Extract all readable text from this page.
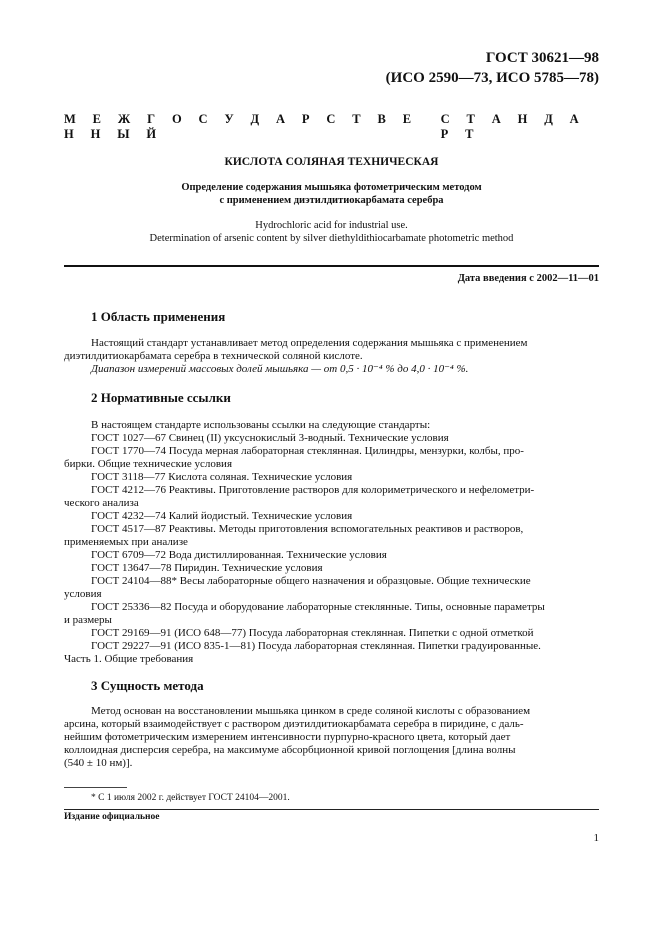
ГОСТ 30621—98
(ИСО 2590—73, ИСО 5785—78)
М Е Ж Г О С У Д А Р С Т В Е Н Н Ы Й
С Т А Н Д А Р Т
КИСЛОТА СОЛЯНАЯ ТЕХНИЧЕСКАЯ
Определение содержания мышьяка фотометрическим методом
с применением диэтилдитиокарбамата серебра
Hydrochloric acid for industrial use.
Determination of arsenic content by silver diethyldithiocarbamate photometric method
Дата введения с 2002—11—01
1 Область применения
Настоящий стандарт устанавливает метод определения содержания мышьяка с применением
диэтилдитиокарбамата серебра в технической соляной кислоте.
Диапазон измерений массовых долей мышьяка — от 0,5 · 10⁻⁴ % до 4,0 · 10⁻⁴ %.
2 Нормативные ссылки
В настоящем стандарте использованы ссылки на следующие стандарты:
ГОСТ 1027—67 Свинец (II) уксуснокислый 3-водный. Технические условия
ГОСТ 1770—74 Посуда мерная лабораторная стеклянная. Цилиндры, мензурки, колбы, про-
бирки. Общие технические условия
ГОСТ 3118—77 Кислота соляная. Технические условия
ГОСТ 4212—76 Реактивы. Приготовление растворов для колориметрического и нефелометри-
ческого анализа
ГОСТ 4232—74 Калий йодистый. Технические условия
ГОСТ 4517—87 Реактивы. Методы приготовления вспомогательных реактивов и растворов,
применяемых при анализе
ГОСТ 6709—72 Вода дистиллированная. Технические условия
ГОСТ 13647—78 Пиридин. Технические условия
ГОСТ 24104—88* Весы лабораторные общего назначения и образцовые. Общие технические
условия
ГОСТ 25336—82 Посуда и оборудование лабораторные стеклянные. Типы, основные параметры
и размеры
ГОСТ 29169—91 (ИСО 648—77) Посуда лабораторная стеклянная. Пипетки с одной отметкой
ГОСТ 29227—91 (ИСО 835-1—81) Посуда лабораторная стеклянная. Пипетки градуированные.
Часть 1. Общие требования
3 Сущность метода
Метод основан на восстановлении мышьяка цинком в среде соляной кислоты с образованием
арсина, который взаимодействует с раствором диэтилдитиокарбамата серебра в пиридине, с даль-
нейшим фотометрическим измерением интенсивности пурпурно-красного цвета, который дает
коллоидная дисперсия серебра, на максимуме абсорбционной кривой поглощения [длина волны
(540 ± 10 нм)].
* С 1 июля 2002 г. действует ГОСТ 24104—2001.
Издание официальное
1
